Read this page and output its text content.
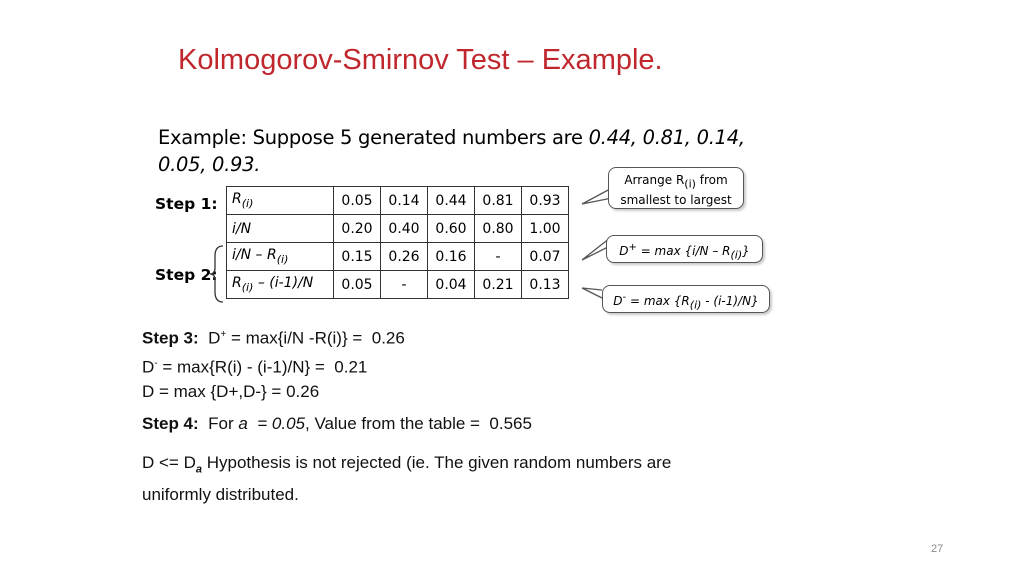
Kolmogorov-Smirnov Test – Example.
Example: Suppose 5 generated numbers are 0.44, 0.81, 0.14,
0.05, 0.93.
Step 1:
Step 2:
$R_{(i)}$	0.05	0.14	0.44	0.81	0.93
i/N	0.20	0.40	0.60	0.80	1.00
$i/N - R_{(i)}$	0.15	0.26	0.16	-	0.07
$R_{(i)} - (i-1)/N$	0.05	-	0.04	0.21	0.13
Arrange $R_{(i)}$ from
smallest to largest
$D^+ = \max \{i/N - R_{(i)}\}$
$D^- = \max \{R_{(i)} - (i-1)/N\}$
Step 3:  D+ = max{i/N -R(i)} =  0.26
D- = max{R(i) - (i-1)/N} =  0.21
D = max {D+,D-} = 0.26
Step 4:  For a  = 0.05, Value from the table =  0.565
$D <= D_a$ Hypothesis is not rejected (ie. The given random numbers are
uniformly distributed.
27
